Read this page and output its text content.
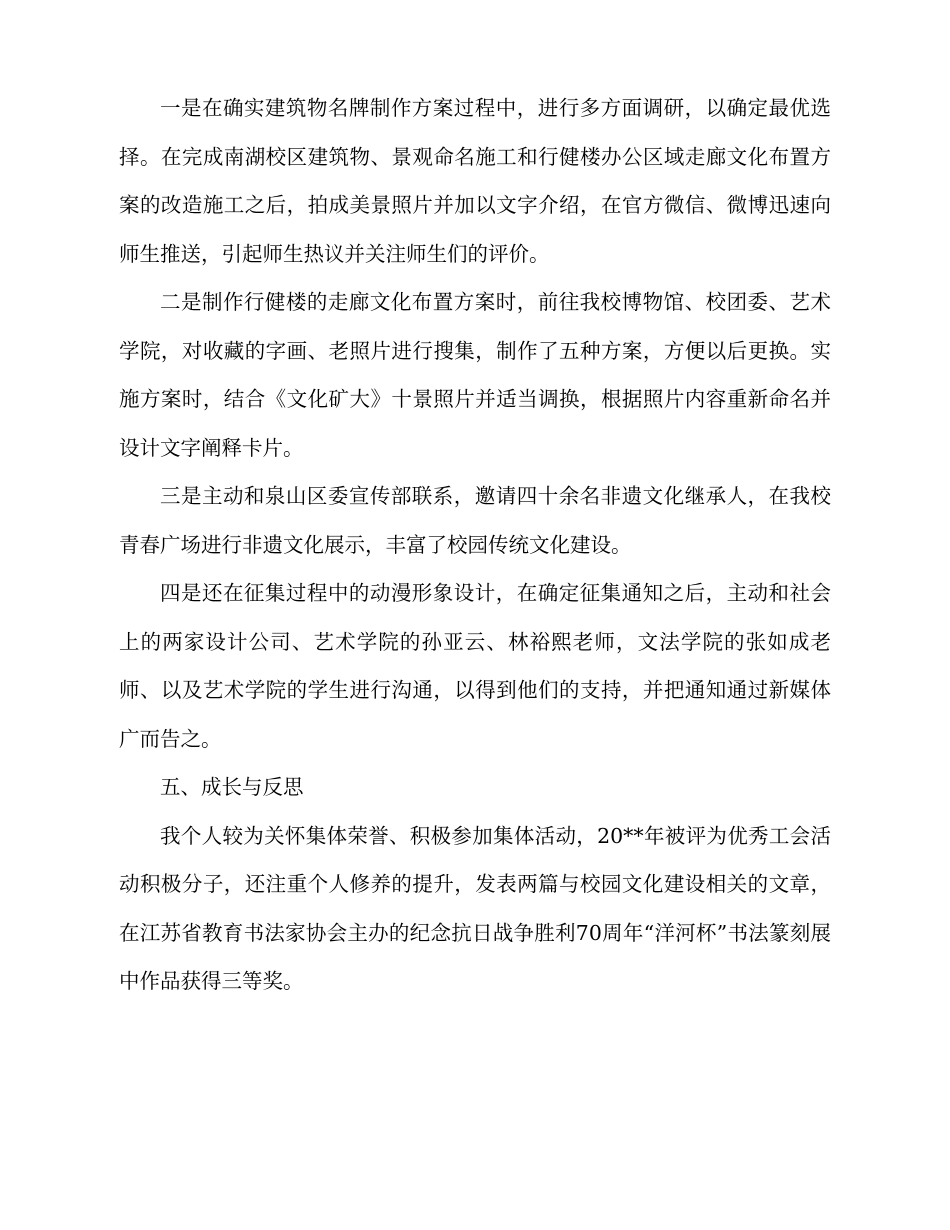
一是在确实建筑物名牌制作方案过程中，进行多方面调研，以确定最优选择。在完成南湖校区建筑物、景观命名施工和行健楼办公区域走廊文化布置方案的改造施工之后，拍成美景照片并加以文字介绍，在官方微信、微博迅速向师生推送，引起师生热议并关注师生们的评价。

二是制作行健楼的走廊文化布置方案时，前往我校博物馆、校团委、艺术学院，对收藏的字画、老照片进行搜集，制作了五种方案，方便以后更换。实施方案时，结合《文化矿大》十景照片并适当调换，根据照片内容重新命名并设计文字阐释卡片。

三是主动和泉山区委宣传部联系，邀请四十余名非遗文化继承人，在我校青春广场进行非遗文化展示，丰富了校园传统文化建设。

四是还在征集过程中的动漫形象设计，在确定征集通知之后，主动和社会上的两家设计公司、艺术学院的孙亚云、林裕熙老师，文法学院的张如成老师、以及艺术学院的学生进行沟通，以得到他们的支持，并把通知通过新媒体广而告之。

五、成长与反思

我个人较为关怀集体荣誉、积极参加集体活动，20**年被评为优秀工会活动积极分子，还注重个人修养的提升，发表两篇与校园文化建设相关的文章，在江苏省教育书法家协会主办的纪念抗日战争胜利70周年“洋河杯”书法篆刻展中作品获得三等奖。
